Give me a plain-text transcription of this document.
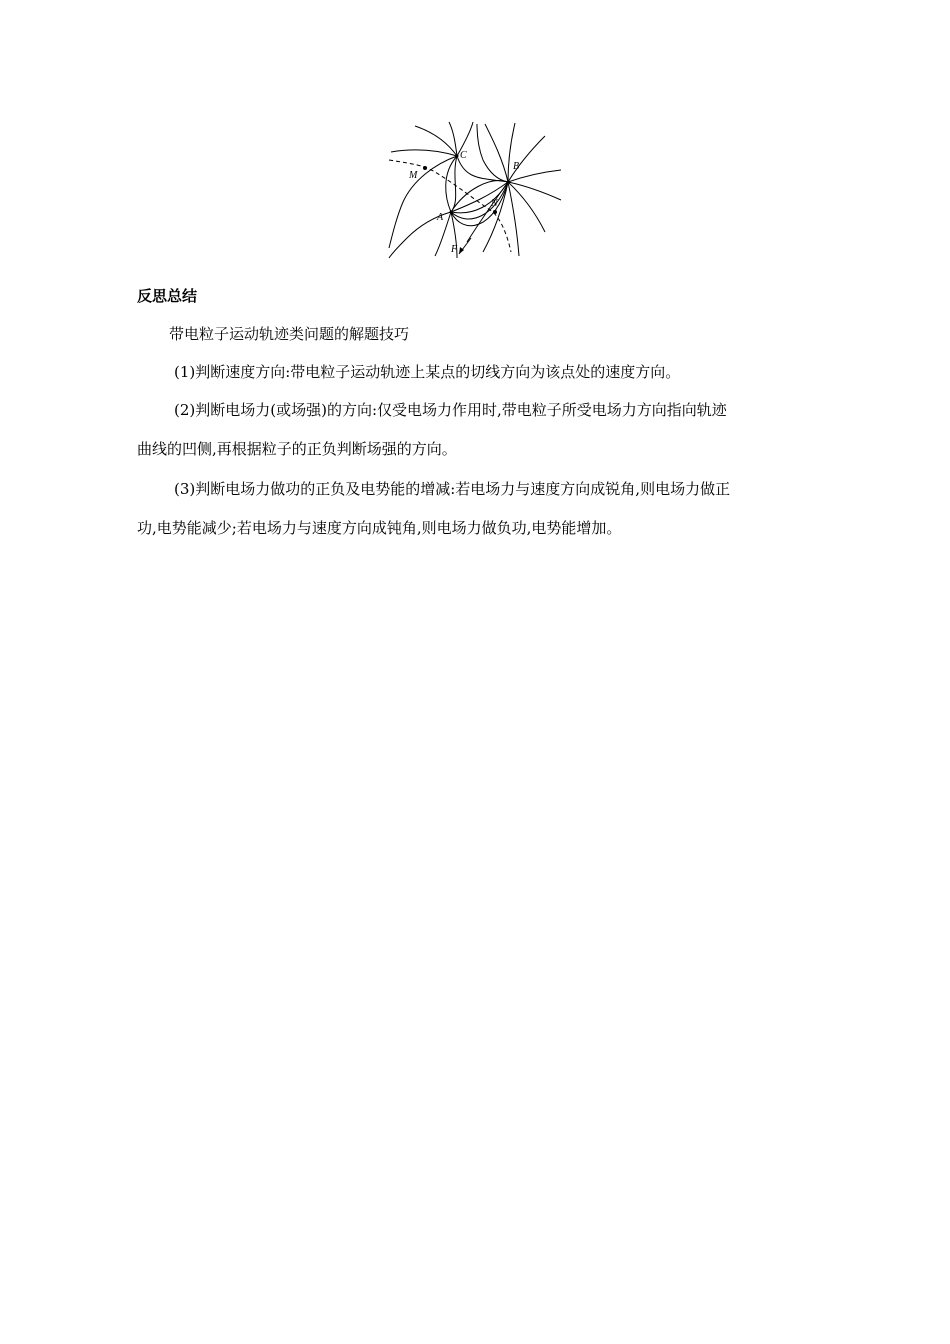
C
B
M
A
N
F
反思总结
带电粒子运动轨迹类问题的解题技巧
(1)判断速度方向:带电粒子运动轨迹上某点的切线方向为该点处的速度方向。
(2)判断电场力(或场强)的方向:仅受电场力作用时,带电粒子所受电场力方向指向轨迹
曲线的凹侧,再根据粒子的正负判断场强的方向。
(3)判断电场力做功的正负及电势能的增减:若电场力与速度方向成锐角,则电场力做正
功,电势能减少;若电场力与速度方向成钝角,则电场力做负功,电势能增加。
